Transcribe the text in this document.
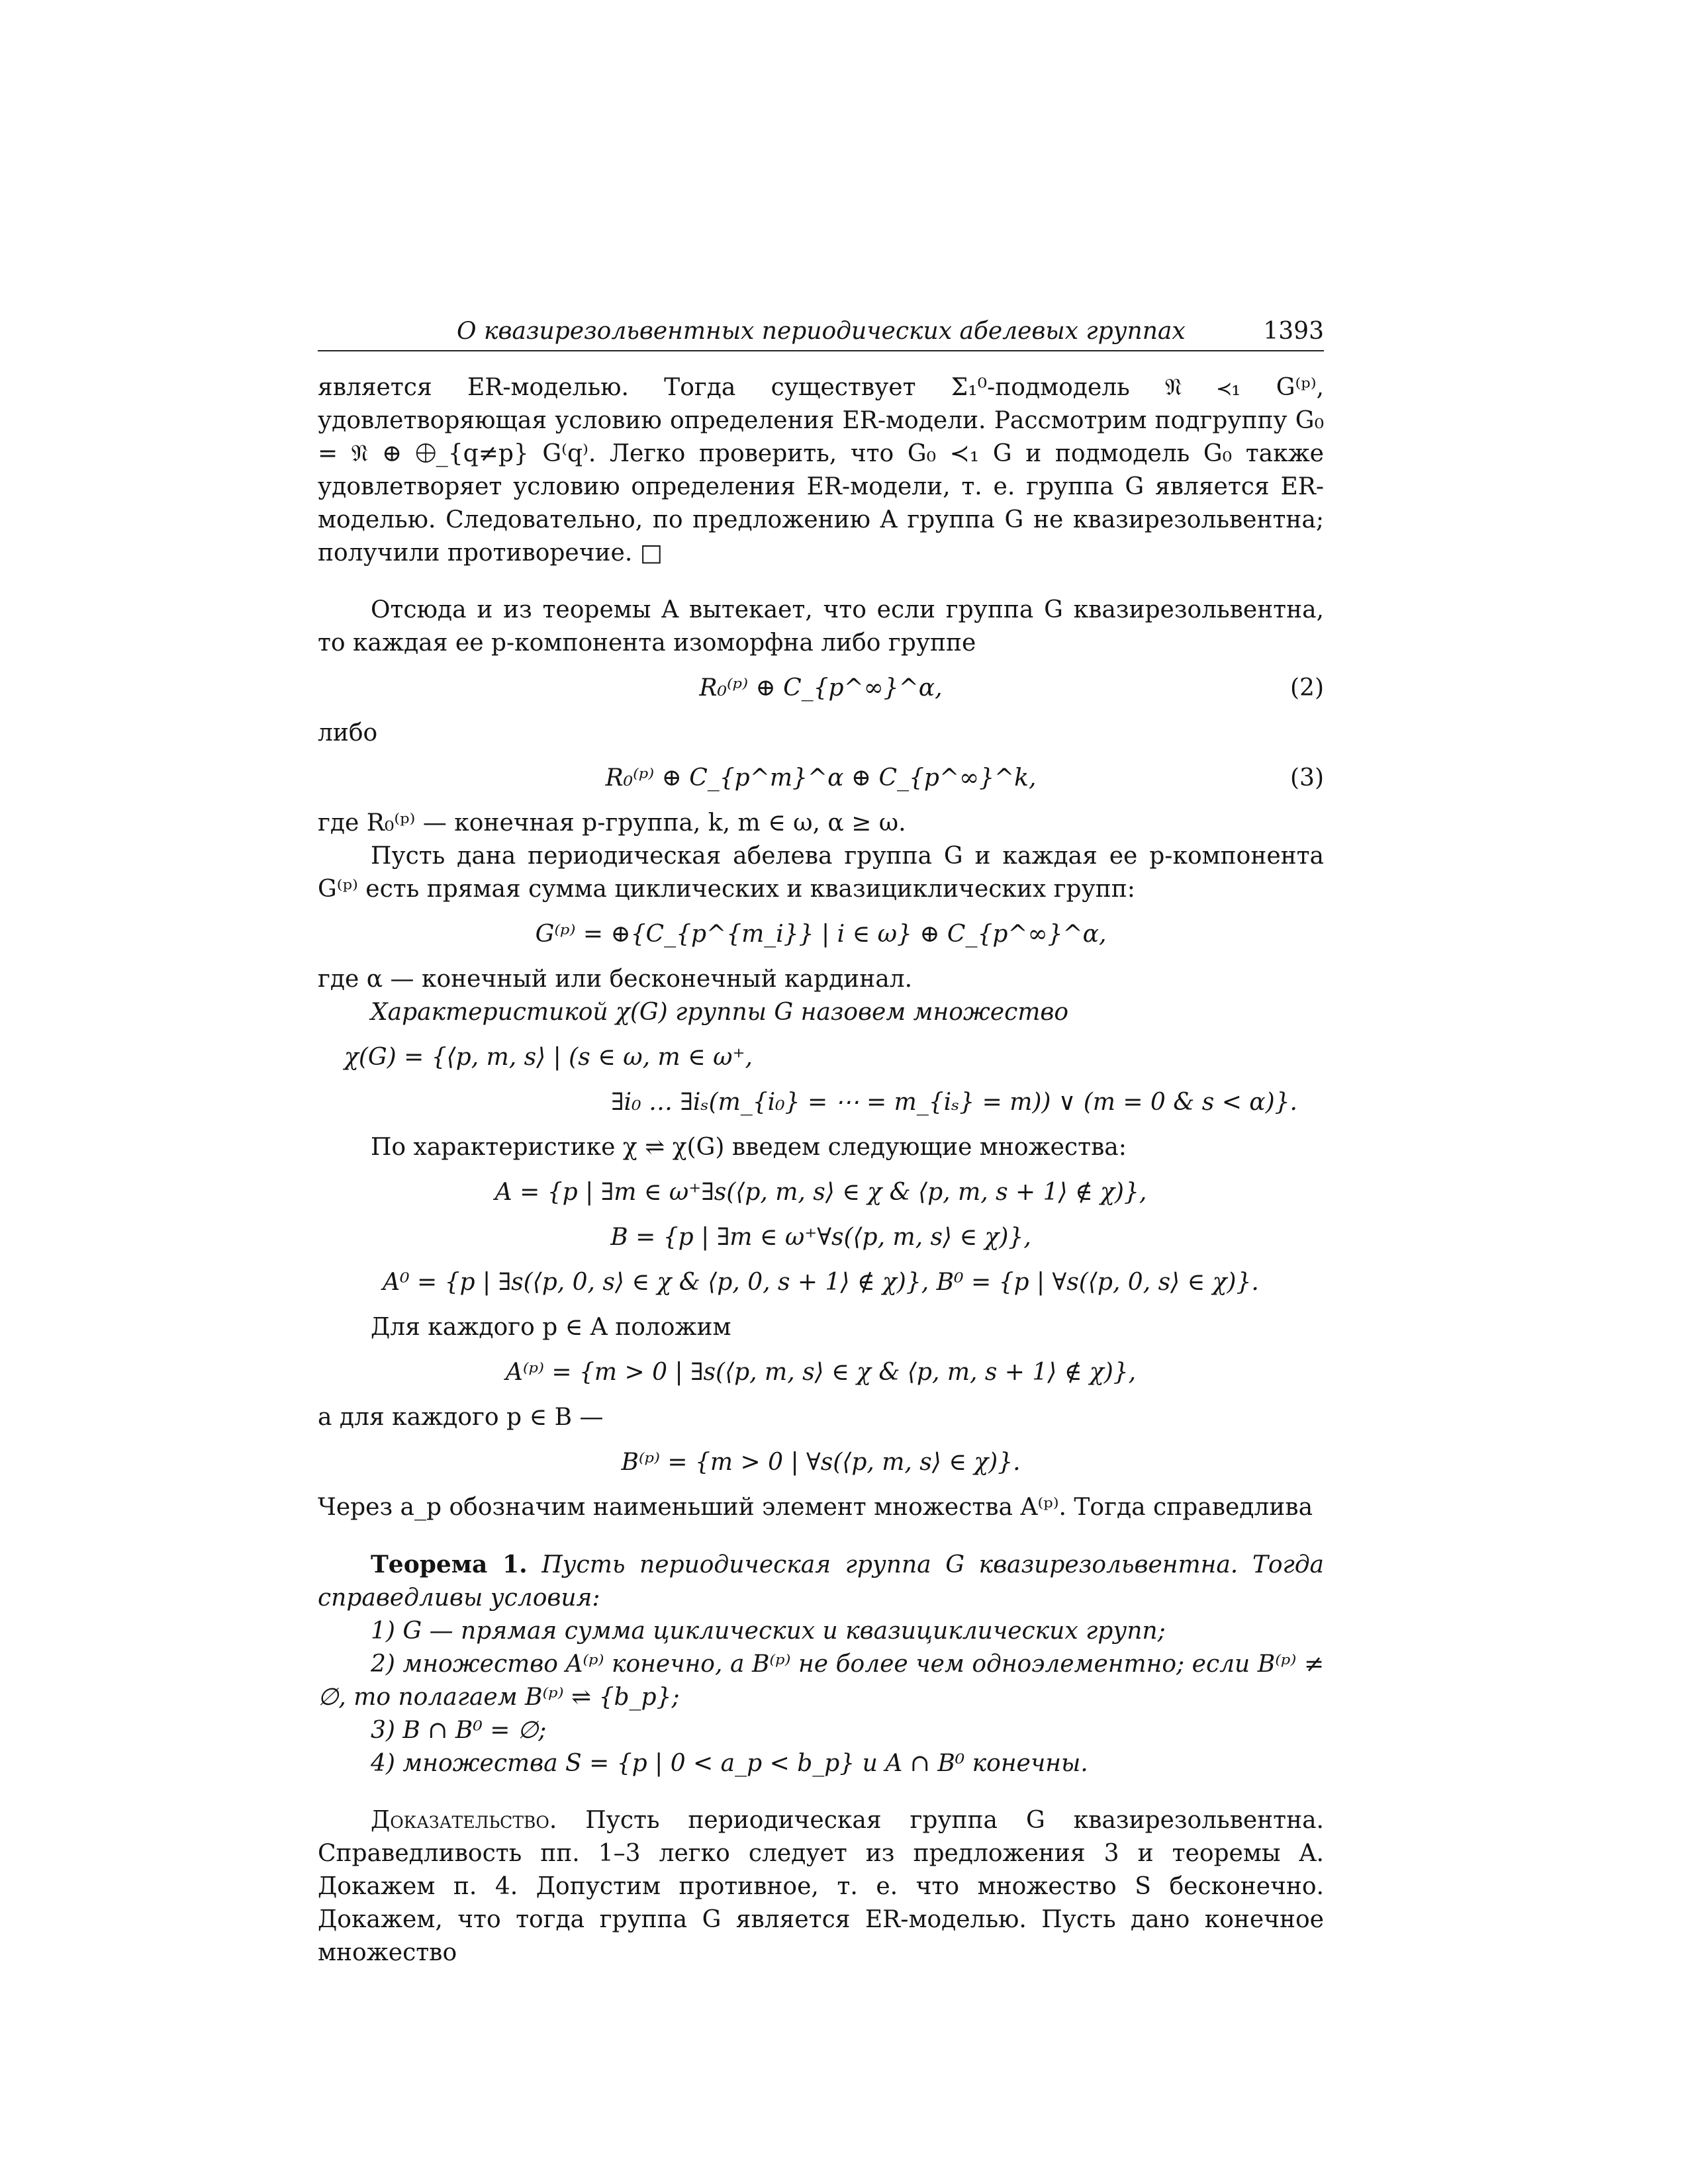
О квазирезольвентных периодических абелевых группах	1393

является ER-моделью. Тогда существует Σ₁⁰-подмодель 𝔑 ≺₁ G⁽ᵖ⁾, удовлетворяющая условию определения ER-модели. Рассмотрим подгруппу G₀ = 𝔑 ⊕ ⨁_{q≠p} G⁽q⁾. Легко проверить, что G₀ ≺₁ G и подмодель G₀ также удовлетворяет условию определения ER-модели, т. е. группа G является ER-моделью. Следовательно, по предложению A группа G не квазирезольвентна; получили противоречие. □

Отсюда и из теоремы A вытекает, что если группа G квазирезольвентна, то каждая ее p-компонента изоморфна либо группе

R₀⁽ᵖ⁾ ⊕ C_{p^∞}^α,	(2)

либо

R₀⁽ᵖ⁾ ⊕ C_{p^m}^α ⊕ C_{p^∞}^k,	(3)

где R₀⁽ᵖ⁾ — конечная p-группа, k, m ∈ ω, α ≥ ω.

Пусть дана периодическая абелева группа G и каждая ее p-компонента G⁽ᵖ⁾ есть прямая сумма циклических и квазициклических групп:

G⁽ᵖ⁾ = ⊕{C_{p^{m_i}} | i ∈ ω} ⊕ C_{p^∞}^α,

где α — конечный или бесконечный кардинал.

Характеристикой χ(G) группы G назовем множество

χ(G) = {⟨p, m, s⟩ | (s ∈ ω, m ∈ ω⁺,
∃i₀ … ∃iₛ(m_{i₀} = ⋯ = m_{iₛ} = m)) ∨ (m = 0 & s < α)}.

По характеристике χ ⇌ χ(G) введем следующие множества:

A = {p | ∃m ∈ ω⁺∃s(⟨p, m, s⟩ ∈ χ & ⟨p, m, s + 1⟩ ∉ χ)},
B = {p | ∃m ∈ ω⁺∀s(⟨p, m, s⟩ ∈ χ)},
A⁰ = {p | ∃s(⟨p, 0, s⟩ ∈ χ & ⟨p, 0, s + 1⟩ ∉ χ)}, B⁰ = {p | ∀s(⟨p, 0, s⟩ ∈ χ)}.

Для каждого p ∈ A положим

A⁽ᵖ⁾ = {m > 0 | ∃s(⟨p, m, s⟩ ∈ χ & ⟨p, m, s + 1⟩ ∉ χ)},

а для каждого p ∈ B —

B⁽ᵖ⁾ = {m > 0 | ∀s(⟨p, m, s⟩ ∈ χ)}.

Через a_p обозначим наименьший элемент множества A⁽ᵖ⁾. Тогда справедлива

Теорема 1. Пусть периодическая группа G квазирезольвентна. Тогда справедливы условия:

1) G — прямая сумма циклических и квазициклических групп;

2) множество A⁽ᵖ⁾ конечно, а B⁽ᵖ⁾ не более чем одноэлементно; если B⁽ᵖ⁾ ≠ ∅, то полагаем B⁽ᵖ⁾ ⇌ {b_p};

3) B ∩ B⁰ = ∅;

4) множества S = {p | 0 < a_p < b_p} и A ∩ B⁰ конечны.

Доказательство. Пусть периодическая группа G квазирезольвентна. Справедливость пп. 1–3 легко следует из предложения 3 и теоремы A. Докажем п. 4. Допустим противное, т. е. что множество S бесконечно. Докажем, что тогда группа G является ER-моделью. Пусть дано конечное множество
